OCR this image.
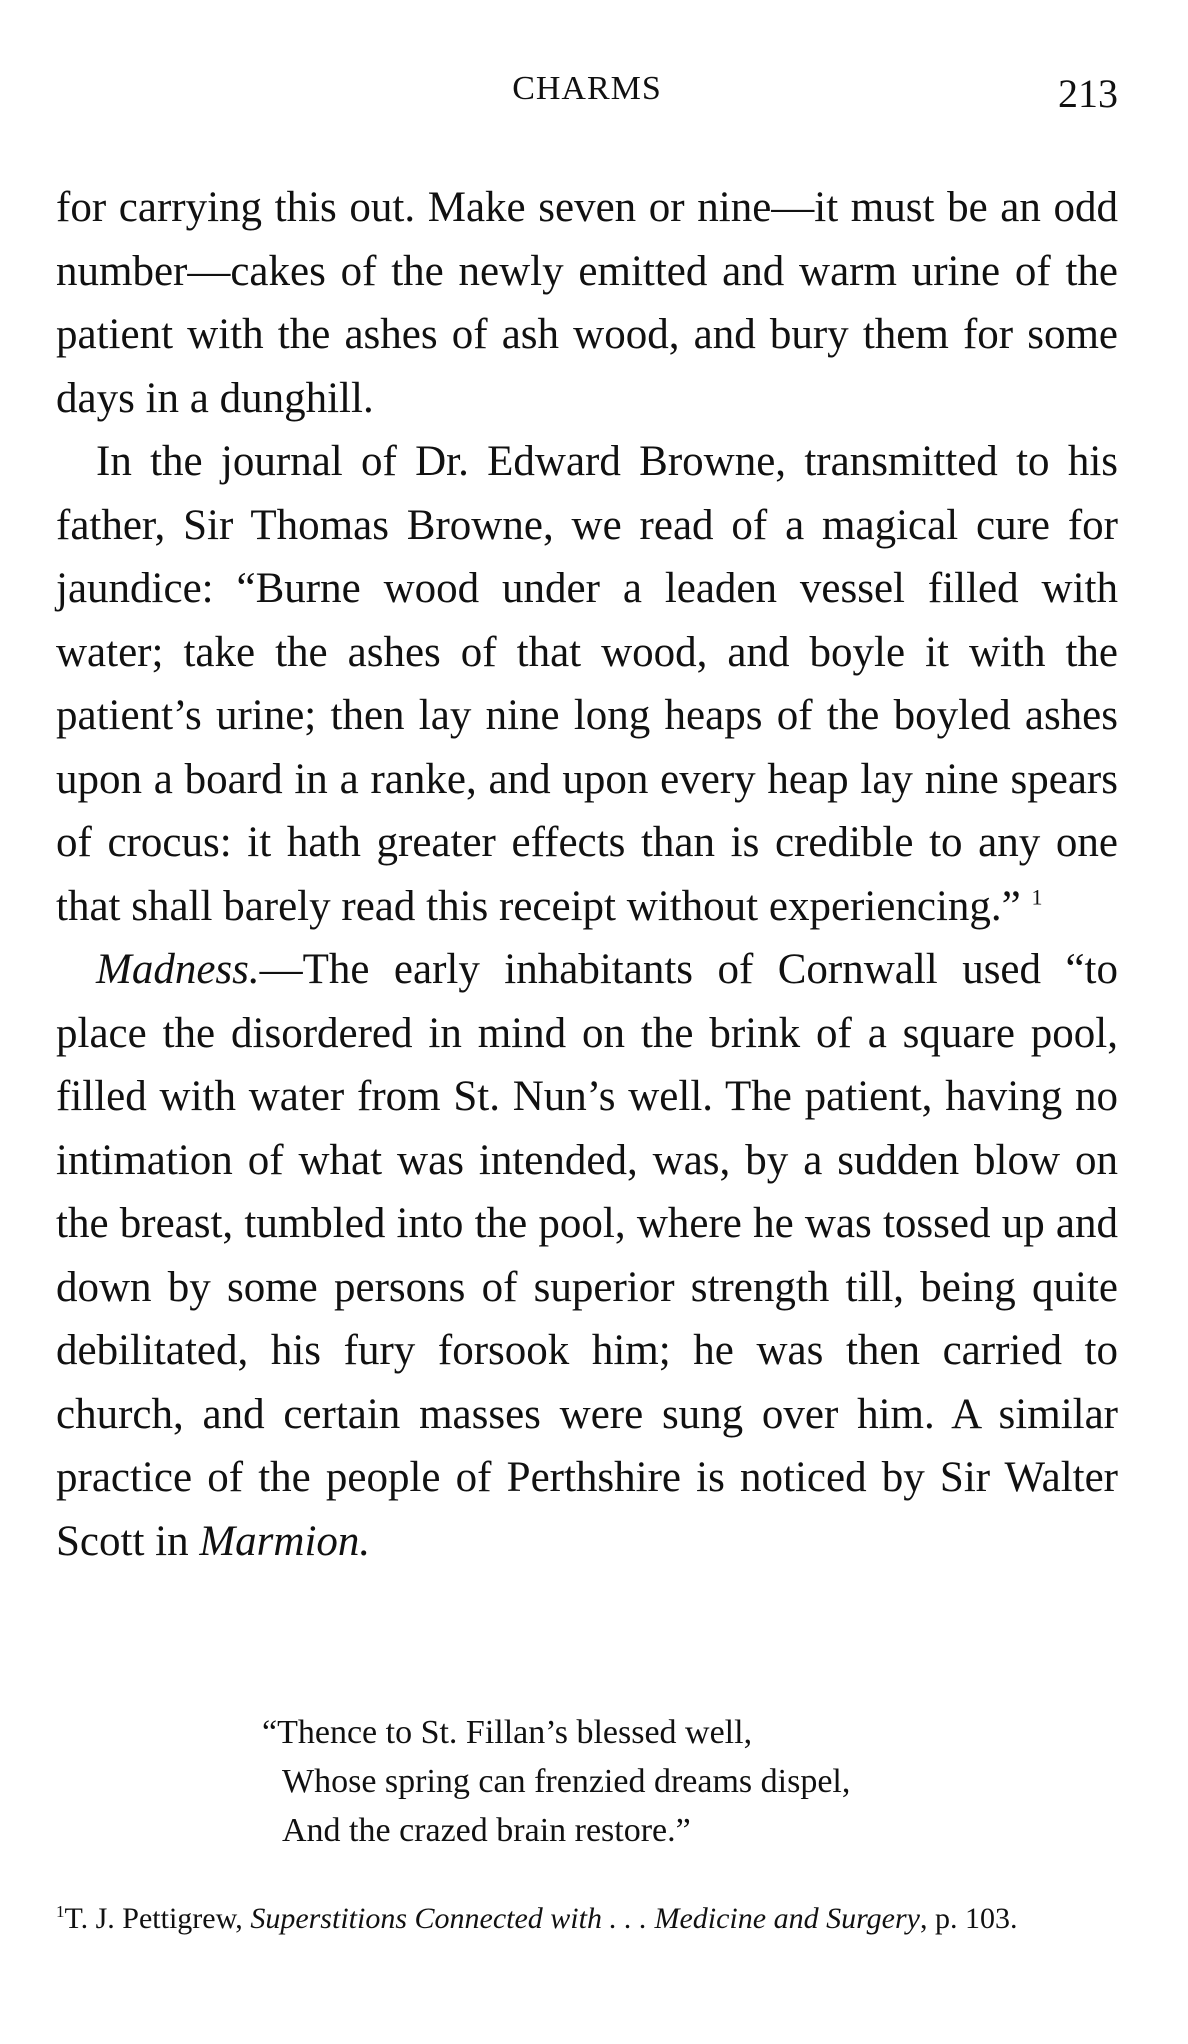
CHARMS	213

for carrying this out. Make seven or nine—it must be an odd number—cakes of the newly emitted and warm urine of the patient with the ashes of ash wood, and bury them for some days in a dunghill.

In the journal of Dr. Edward Browne, transmitted to his father, Sir Thomas Browne, we read of a magical cure for jaundice: “Burne wood under a leaden vessel filled with water; take the ashes of that wood, and boyle it with the patient’s urine; then lay nine long heaps of the boyled ashes upon a board in a ranke, and upon every heap lay nine spears of crocus: it hath greater effects than is credible to any one that shall barely read this receipt without experiencing.” $^1$

Madness.—The early inhabitants of Cornwall used “to place the disordered in mind on the brink of a square pool, filled with water from St. Nun’s well. The patient, having no intimation of what was intended, was, by a sudden blow on the breast, tumbled into the pool, where he was tossed up and down by some persons of superior strength till, being quite debilitated, his fury forsook him; he was then carried to church, and certain masses were sung over him. A similar practice of the people of Perthshire is noticed by Sir Walter Scott in Marmion.

“Thence to St. Fillan’s blessed well,
Whose spring can frenzied dreams dispel,
And the crazed brain restore.”
$^1$T. J. Pettigrew, Superstitions Connected with . . . Medicine and Surgery, p. 103.
